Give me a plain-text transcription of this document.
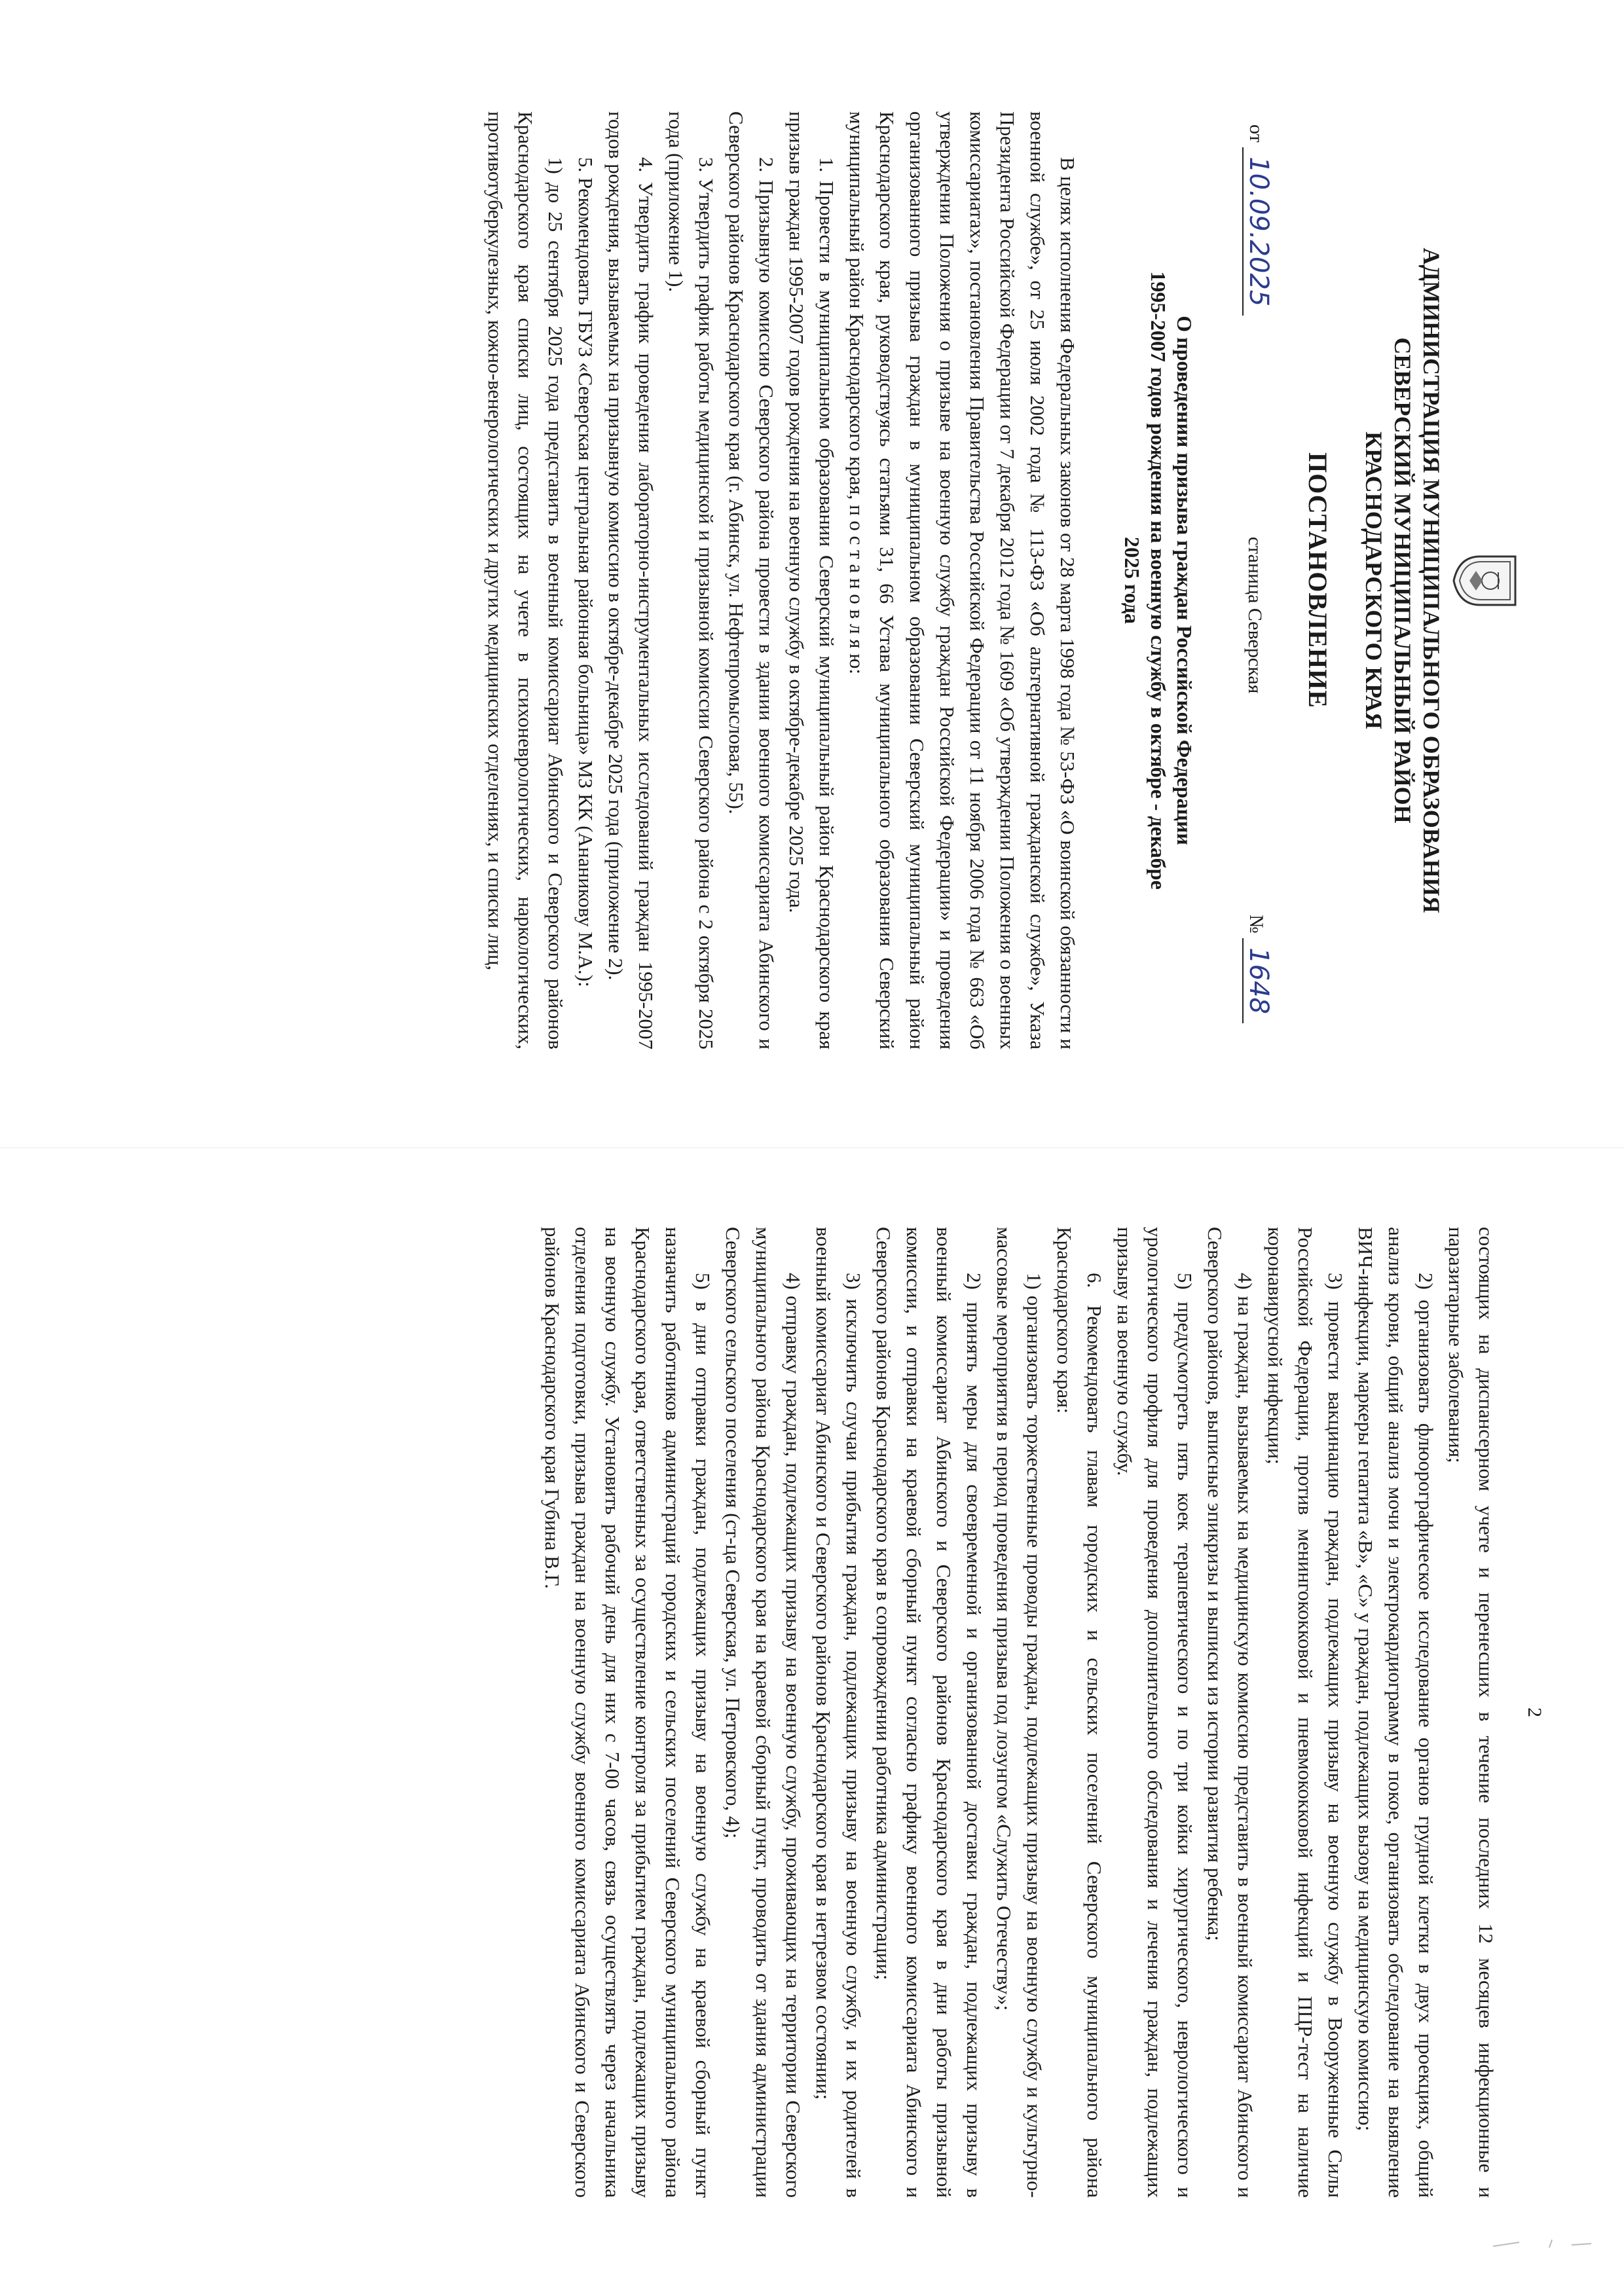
АДМИНИСТРАЦИЯ МУНИЦИПАЛЬНОГО ОБРАЗОВАНИЯ
СЕВЕРСКИЙ МУНИЦИПАЛЬНЫЙ РАЙОН
КРАСНОДАРСКОГО КРАЯ
ПОСТАНОВЛЕНИЕ
от 10.09.2025
станица Северская
№ 1648
О проведении призыва граждан Российской Федерации
1995-2007 годов рождения на военную службу в октябре - декабре
2025 года

В целях исполнения Федеральных законов от 28 марта 1998 года № 53-ФЗ «О воинской обязанности и военной службе», от 25 июля 2002 года № 113-ФЗ «Об альтернативной гражданской службе», Указа Президента Российской Федерации от 7 декабря 2012 года № 1609 «Об утверждении Положения о военных комиссариатах», постановления Правительства Российской Федерации от 11 ноября 2006 года № 663 «Об утверждении Положения о призыве на военную службу граждан Российской Федерации» и проведения организованного призыва граждан в муниципальном образовании Северский муниципальный район Краснодарского края, руководствуясь статьями 31, 66 Устава муниципального образования Северский муниципальный район Краснодарского края, п о с т а н о в л я ю:

1. Провести в муниципальном образовании Северский муниципальный район Краснодарского края призыв граждан 1995-2007 годов рождения на военную службу в октябре-декабре 2025 года.

2. Призывную комиссию Северского района провести в здании военного комиссариата Абинского и Северского районов Краснодарского края (г. Абинск, ул. Нефтепромысловая, 55).

3. Утвердить график работы медицинской и призывной комиссии Северского района с 2 октября 2025 года (приложение 1).

4. Утвердить график проведения лабораторно-инструментальных исследований граждан 1995-2007 годов рождения, вызываемых на призывную комиссию в октябре-декабре 2025 года (приложение 2).

5. Рекомендовать ГБУЗ «Северская центральная районная больница» МЗ КК (Ананикову М.А.):

1) до 25 сентября 2025 года представить в военный комиссариат Абинского и Северского районов Краснодарского края списки лиц, состоящих на учете в психоневрологических, наркологических, противотуберкулезных, кожно-венерологических и других медицинских отделениях, и списки лиц,

2

состоящих на диспансерном учете и перенесших в течение последних 12 месяцев инфекционные и паразитарные заболевания;

2) организовать флюорографическое исследование органов грудной клетки в двух проекциях, общий анализ крови, общий анализ мочи и электрокардиограмму в покое, организовать обследование на выявление ВИЧ-инфекции, маркеры гепатита «В», «С» у граждан, подлежащих вызову на медицинскую комиссию;

3) провести вакцинацию граждан, подлежащих призыву на военную службу в Вооруженные Силы Российской Федерации, против менингококковой и пневмококковой инфекций и ПЦР-тест на наличие коронавирусной инфекции;

4) на граждан, вызываемых на медицинскую комиссию представить в военный комиссариат Абинского и Северского районов, выписные эпикризы и выписки из истории развития ребенка;

5) предусмотреть пять коек терапевтического и по три койки хирургического, неврологического и урологического профиля для проведения дополнительного обследования и лечения граждан, подлежащих призыву на военную службу.

6. Рекомендовать главам городских и сельских поселений Северского муниципального района Краснодарского края:

1) организовать торжественные проводы граждан, подлежащих призыву на военную службу и культурно-массовые мероприятия в период проведения призыва под лозунгом «Служить Отечеству»;

2) принять меры для своевременной и организованной доставки граждан, подлежащих призыву в военный комиссариат Абинского и Северского районов Краснодарского края в дни работы призывной комиссии, и отправки на краевой сборный пункт согласно графику военного комиссариата Абинского и Северского районов Краснодарского края в сопровождении работника администрации;

3) исключить случаи прибытия граждан, подлежащих призыву на военную службу, и их родителей в военный комиссариат Абинского и Северского районов Краснодарского края в нетрезвом состоянии;

4) отправку граждан, подлежащих призыву на военную службу, проживающих на территории Северского муниципального района Краснодарского края на краевой сборный пункт, проводить от здания администрации Северского сельского поселения (ст-ца Северская, ул. Петровского, 4);

5) в дни отправки граждан, подлежащих призыву на военную службу на краевой сборный пункт назначить работников администраций городских и сельских поселений Северского муниципального района Краснодарского края, ответственных за осуществление контроля за прибытием граждан, подлежащих призыву на военную службу. Установить рабочий день для них с 7-00 часов, связь осуществлять через начальника отделения подготовки, призыва граждан на военную службу военного комиссариата Абинского и Северского районов Краснодарского края Губина В.Г.
